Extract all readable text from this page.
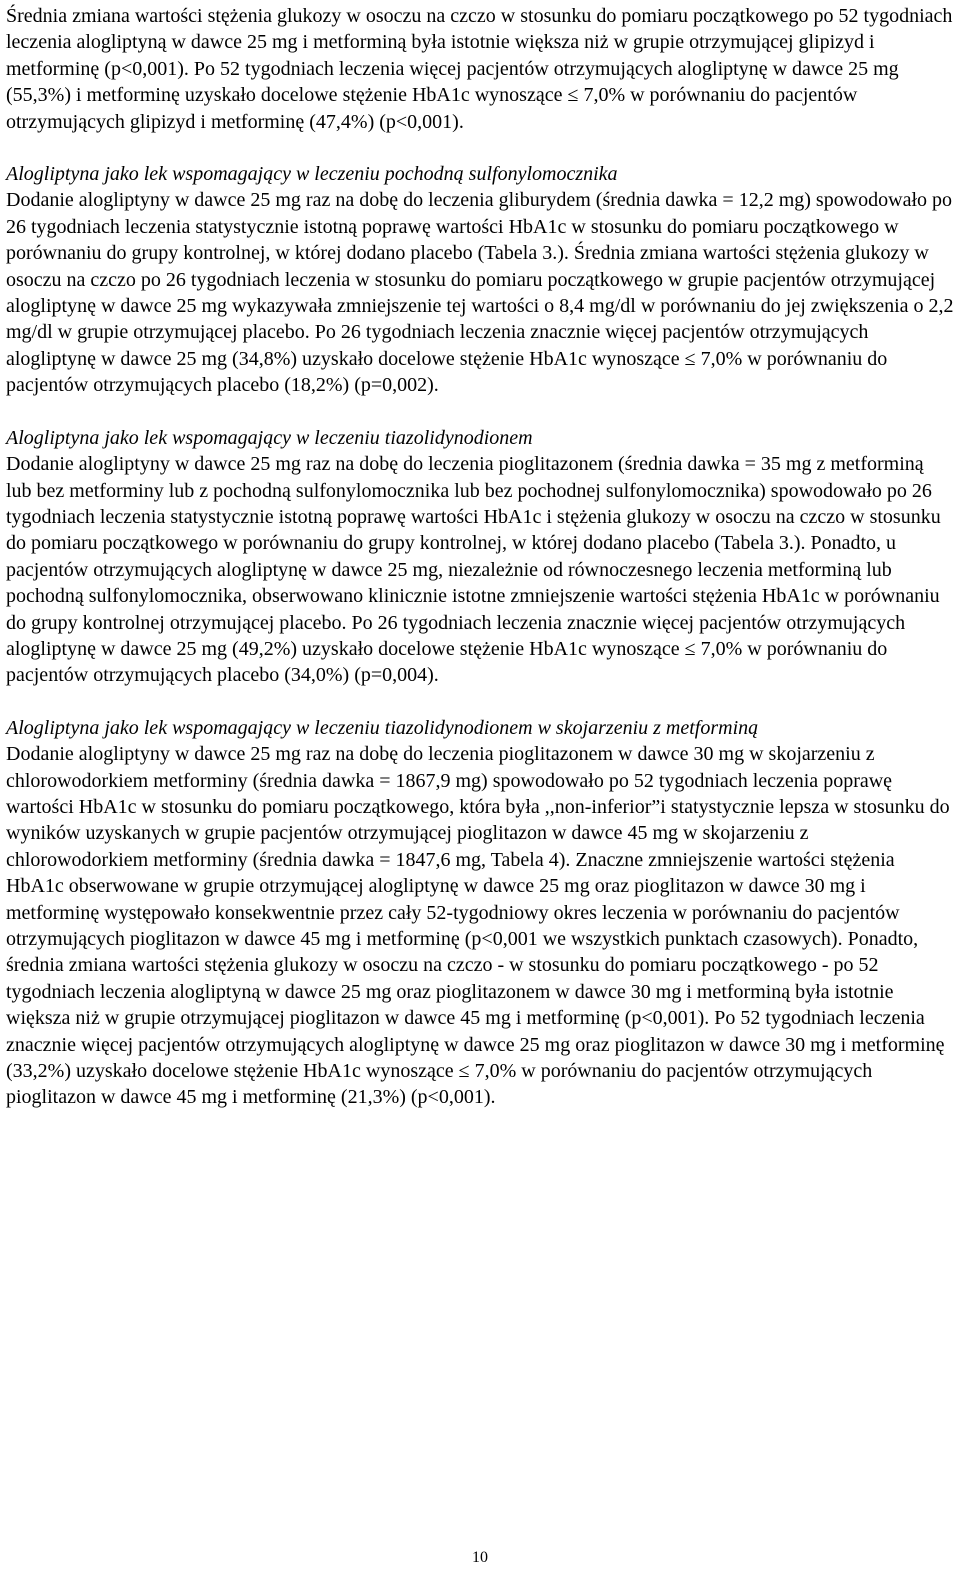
Średnia zmiana wartości stężenia glukozy w osoczu na czczo w stosunku do pomiaru początkowego po 52 tygodniach leczenia alogliptyną w dawce 25 mg i metforminą była istotnie większa niż w grupie otrzymującej glipizyd i metforminę (p<0,001). Po 52 tygodniach leczenia więcej pacjentów otrzymujących alogliptynę w dawce 25 mg (55,3%) i metforminę uzyskało docelowe stężenie HbA1c wynoszące ≤ 7,0% w porównaniu do pacjentów otrzymujących glipizyd i metforminę (47,4%) (p<0,001).

Alogliptyna jako lek wspomagający w leczeniu pochodną sulfonylomocznika

Dodanie alogliptyny w dawce 25 mg raz na dobę do leczenia gliburydem (średnia dawka = 12,2 mg) spowodowało po 26 tygodniach leczenia statystycznie istotną poprawę wartości HbA1c w stosunku do pomiaru początkowego w porównaniu do grupy kontrolnej, w której dodano placebo (Tabela 3.). Średnia zmiana wartości stężenia glukozy w osoczu na czczo po 26 tygodniach leczenia w stosunku do pomiaru początkowego w grupie pacjentów otrzymującej alogliptynę w dawce 25 mg wykazywała zmniejszenie tej wartości o 8,4 mg/dl w porównaniu do jej zwiększenia o 2,2 mg/dl w grupie otrzymującej placebo. Po 26 tygodniach leczenia znacznie więcej pacjentów otrzymujących alogliptynę w dawce 25 mg (34,8%) uzyskało docelowe stężenie HbA1c wynoszące ≤ 7,0% w porównaniu do pacjentów otrzymujących placebo (18,2%) (p=0,002).

Alogliptyna jako lek wspomagający w leczeniu tiazolidynodionem

Dodanie alogliptyny w dawce 25 mg raz na dobę do leczenia pioglitazonem (średnia dawka = 35 mg z metforminą lub bez metforminy lub z pochodną sulfonylomocznika lub bez pochodnej sulfonylomocznika) spowodowało po 26 tygodniach leczenia statystycznie istotną poprawę wartości HbA1c i stężenia glukozy w osoczu na czczo w stosunku do pomiaru początkowego w porównaniu do grupy kontrolnej, w której dodano placebo (Tabela 3.). Ponadto, u pacjentów otrzymujących alogliptynę w dawce 25 mg, niezależnie od równoczesnego leczenia metforminą lub pochodną sulfonylomocznika, obserwowano klinicznie istotne zmniejszenie wartości stężenia HbA1c w porównaniu do grupy kontrolnej otrzymującej placebo. Po 26 tygodniach leczenia znacznie więcej pacjentów otrzymujących alogliptynę w dawce 25 mg (49,2%) uzyskało docelowe stężenie HbA1c wynoszące ≤ 7,0% w porównaniu do pacjentów otrzymujących placebo (34,0%) (p=0,004).

Alogliptyna jako lek wspomagający w leczeniu tiazolidynodionem w skojarzeniu z metforminą

Dodanie alogliptyny w dawce 25 mg raz na dobę do leczenia pioglitazonem w dawce 30 mg w skojarzeniu z chlorowodorkiem metforminy (średnia dawka = 1867,9 mg) spowodowało po 52 tygodniach leczenia poprawę wartości HbA1c w stosunku do pomiaru początkowego, która była ,,non-inferior”i statystycznie lepsza w stosunku do wyników uzyskanych w grupie pacjentów otrzymującej pioglitazon w dawce 45 mg w skojarzeniu z chlorowodorkiem metforminy (średnia dawka = 1847,6 mg, Tabela 4). Znaczne zmniejszenie wartości stężenia HbA1c obserwowane w grupie otrzymującej alogliptynę w dawce 25 mg oraz pioglitazon w dawce 30 mg i metforminę występowało konsekwentnie przez cały 52-tygodniowy okres leczenia w porównaniu do pacjentów otrzymujących pioglitazon w dawce 45 mg i metforminę (p<0,001 we wszystkich punktach czasowych). Ponadto, średnia zmiana wartości stężenia glukozy w osoczu na czczo - w stosunku do pomiaru początkowego - po 52 tygodniach leczenia alogliptyną w dawce 25 mg oraz pioglitazonem w dawce 30 mg i metforminą była istotnie większa niż w grupie otrzymującej pioglitazon w dawce 45 mg i metforminę (p<0,001). Po 52 tygodniach leczenia znacznie więcej pacjentów otrzymujących alogliptynę w dawce 25 mg oraz pioglitazon w dawce 30 mg i metforminę (33,2%) uzyskało docelowe stężenie HbA1c wynoszące ≤ 7,0% w porównaniu do pacjentów otrzymujących pioglitazon w dawce 45 mg i metforminę (21,3%) (p<0,001).

10
